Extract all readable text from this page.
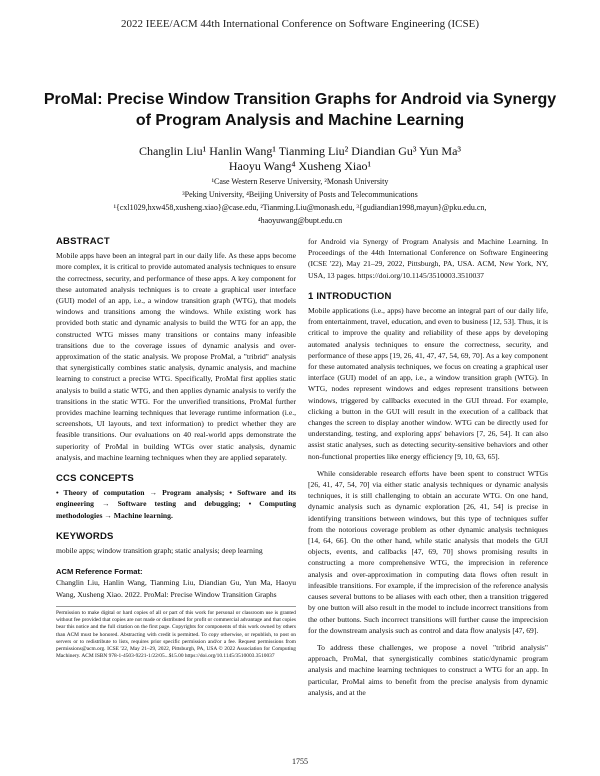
2022 IEEE/ACM 44th International Conference on Software Engineering (ICSE)
ProMal: Precise Window Transition Graphs for Android via Synergy of Program Analysis and Machine Learning
Changlin Liu¹ Hanlin Wang¹ Tianming Liu² Diandian Gu³ Yun Ma³
Haoyu Wang⁴ Xusheng Xiao¹
¹Case Western Reserve University, ²Monash University
³Peking University, ⁴Beijing University of Posts and Telecommunications
¹{cxl1029,hxw458,xusheng.xiao}@case.edu, ²Tianming.Liu@monash.edu, ³{gudiandian1998,mayun}@pku.edu.cn,
⁴haoyuwang@bupt.edu.cn
ABSTRACT

Mobile apps have been an integral part in our daily life. As these apps become more complex, it is critical to provide automated analysis techniques to ensure the correctness, security, and performance of these apps. A key component for these automated analysis techniques is to create a graphical user interface (GUI) model of an app, i.e., a window transition graph (WTG), that models windows and transitions among the windows. While existing work has provided both static and dynamic analysis to build the WTG for an app, the constructed WTG misses many transitions or contains many infeasible transitions due to the coverage issues of dynamic analysis and over-approximation of the static analysis. We propose ProMal, a "tribrid" analysis that synergistically combines static analysis, dynamic analysis, and machine learning to construct a precise WTG. Specifically, ProMal first applies static analysis to build a static WTG, and then applies dynamic analysis to verify the transitions in the static WTG. For the unverified transitions, ProMal further provides machine learning techniques that leverage runtime information (i.e., screenshots, UI layouts, and text information) to predict whether they are feasible transitions. Our evaluations on 40 real-world apps demonstrate the superiority of ProMal in building WTGs over static analysis, dynamic analysis, and machine learning techniques when they are applied separately.

CCS CONCEPTS

• Theory of computation → Program analysis; • Software and its engineering → Software testing and debugging; • Computing methodologies → Machine learning.

KEYWORDS

mobile apps; window transition graph; static analysis; deep learning

ACM Reference Format:

Changlin Liu, Hanlin Wang, Tianming Liu, Diandian Gu, Yun Ma, Haoyu Wang, Xusheng Xiao. 2022. ProMal: Precise Window Transition Graphs

Permission to make digital or hard copies of all or part of this work for personal or classroom use is granted without fee provided that copies are not made or distributed for profit or commercial advantage and that copies bear this notice and the full citation on the first page. Copyrights for components of this work owned by others than ACM must be honored. Abstracting with credit is permitted. To copy otherwise, or republish, to post on servers or to redistribute to lists, requires prior specific permission and/or a fee. Request permissions from permissions@acm.org. ICSE '22, May 21–29, 2022, Pittsburgh, PA, USA © 2022 Association for Computing Machinery. ACM ISBN 978-1-4503-9221-1/22/05...$15.00 https://doi.org/10.1145/3510003.3510037

for Android via Synergy of Program Analysis and Machine Learning. In Proceedings of the 44th International Conference on Software Engineering (ICSE '22), May 21–29, 2022, Pittsburgh, PA, USA. ACM, New York, NY, USA, 13 pages. https://doi.org/10.1145/3510003.3510037

1 INTRODUCTION

Mobile applications (i.e., apps) have become an integral part of our daily life, from entertainment, travel, education, and even to business [12, 53]. Thus, it is critical to improve the quality and reliability of these apps by developing automated analysis techniques to ensure the correctness, security, and performance of these apps [19, 26, 41, 47, 47, 54, 69, 70]. As a key component for these automated analysis techniques, we focus on creating a graphical user interface (GUI) model of an app, i.e., a window transition graph (WTG). In WTG, nodes represent windows and edges represent transitions between windows, triggered by callbacks executed in the GUI thread. For example, clicking a button in the GUI will result in the execution of a callback that changes the screen to display another window. WTG can be directly used for understanding, testing, and exploring apps' behaviors [7, 26, 54]. It can also assist static analyses, such as detecting security-sensitive behaviors and other non-functional properties like energy efficiency [9, 10, 63, 65].

While considerable research efforts have been spent to construct WTGs [26, 41, 47, 54, 70] via either static analysis techniques or dynamic analysis techniques, it is still challenging to obtain an accurate WTG. On one hand, dynamic analysis such as dynamic exploration [26, 41, 54] is precise in identifying transitions between windows, but this type of techniques suffer from the notorious coverage problem as other dynamic analysis techniques [14, 64, 66]. On the other hand, while static analysis that models the GUI objects, events, and callbacks [47, 69, 70] shows promising results in constructing a more comprehensive WTG, the imprecision in reference analysis and over-approximation in computing data flows often result in infeasible transitions. For example, if the imprecision of the reference analysis causes several buttons to be aliases with each other, then a transition triggered by one button will also result in the model to include incorrect transitions from the other buttons. Such incorrect transitions will further cause the imprecision for the downstream analysis such as control and data flow analysis [47, 69].

To address these challenges, we propose a novel "tribrid analysis" approach, ProMal, that synergistically combines static/dynamic program analysis and machine learning techniques to construct a WTG for an app. In particular, ProMal aims to benefit from the precise analysis from dynamic analysis, and at the

1755
